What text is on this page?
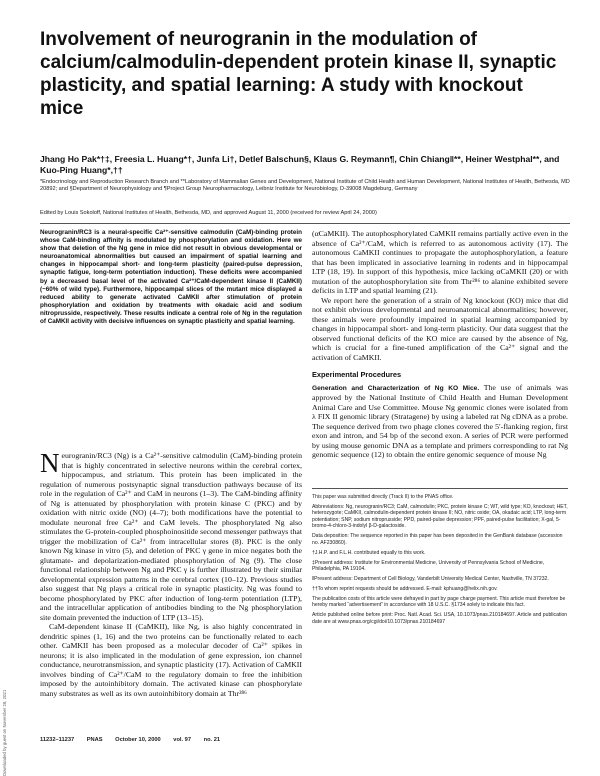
Involvement of neurogranin in the modulation of calcium/calmodulin-dependent protein kinase II, synaptic plasticity, and spatial learning: A study with knockout mice
Jhang Ho Pak*†‡, Freesia L. Huang*†, Junfa Li†, Detlef Balschun§, Klaus G. Reymann¶, Chin Chiang‖**, Heiner Westphal**, and Kuo-Ping Huang*,††
*Endocrinology and Reproduction Research Branch and **Laboratory of Mammalian Genes and Development, National Institute of Child Health and Human Development, National Institutes of Health, Bethesda, MD 20892; and §Department of Neurophysiology and ¶Project Group Neuropharmacology, Leibniz Institute for Neurobiology, D-39008 Magdeburg, Germany
Edited by Louis Sokoloff, National Institutes of Health, Bethesda, MD, and approved August 11, 2000 (received for review April 24, 2000)
Neurogranin/RC3 is a neural-specific Ca²⁺-sensitive calmodulin (CaM)-binding protein whose CaM-binding affinity is modulated by phosphorylation and oxidation. Here we show that deletion of the Ng gene in mice did not result in obvious developmental or neuroanatomical abnormalities but caused an impairment of spatial learning and changes in hippocampal short- and long-term plasticity (paired-pulse depression, synaptic fatigue, long-term potentiation induction). These deficits were accompanied by a decreased basal level of the activated Ca²⁺/CaM-dependent kinase II (CaMKII) (~60% of wild type). Furthermore, hippocampal slices of the mutant mice displayed a reduced ability to generate activated CaMKII after stimulation of protein phosphorylation and oxidation by treatments with okadaic acid and sodium nitroprusside, respectively. These results indicate a central role of Ng in the regulation of CaMKII activity with decisive influences on synaptic plasticity and spatial learning.

Neurogranin/RC3 (Ng) is a Ca²⁺-sensitive calmodulin (CaM)-binding protein that is highly concentrated in selective neurons within the cerebral cortex, hippocampus, and striatum. This protein has been implicated in the regulation of numerous postsynaptic signal transduction pathways because of its role in the regulation of Ca²⁺ and CaM in neurons (1–3). The CaM-binding affinity of Ng is attenuated by phosphorylation with protein kinase C (PKC) and by oxidation with nitric oxide (NO) (4–7); both modifications have the potential to modulate neuronal free Ca²⁺ and CaM levels. The phosphorylated Ng also stimulates the G-protein-coupled phosphoinositide second messenger pathways that trigger the mobilization of Ca²⁺ from intracellular stores (8). PKC is the only known Ng kinase in vitro (5), and deletion of PKC γ gene in mice negates both the glutamate- and depolarization-mediated phosphorylation of Ng (9). The close functional relationship between Ng and PKC γ is further illustrated by their similar developmental expression patterns in the cerebral cortex (10–12). Previous studies also suggest that Ng plays a critical role in synaptic plasticity. Ng was found to become phosphorylated by PKC after induction of long-term potentiation (LTP), and the intracellular application of antibodies binding to the Ng phosphorylation site domain prevented the induction of LTP (13–15).

CaM-dependent kinase II (CaMKII), like Ng, is also highly concentrated in dendritic spines (1, 16) and the two proteins can be functionally related to each other. CaMKII has been proposed as a molecular decoder of Ca²⁺ spikes in neurons; it is also implicated in the modulation of gene expression, ion channel conductance, neurotransmission, and synaptic plasticity (17). Activation of CaMKII involves binding of Ca²⁺/CaM to the regulatory domain to free the inhibition imposed by the autoinhibitory domain. The activated kinase can phosphorylate many substrates as well as its own autoinhibitory domain at Thr²⁸⁶

(αCaMKII). The autophosphorylated CaMKII remains partially active even in the absence of Ca²⁺/CaM, which is referred to as autonomous activity (17). The autonomous CaMKII continues to propagate the autophosphorylation, a feature that has been implicated in associative learning in rodents and in hippocampal LTP (18, 19). In support of this hypothesis, mice lacking αCaMKII (20) or with mutation of the autophosphorylation site from Thr²⁸⁶ to alanine exhibited severe deficits in LTP and spatial learning (21).

We report here the generation of a strain of Ng knockout (KO) mice that did not exhibit obvious developmental and neuroanatomical abnormalities; however, these animals were profoundly impaired in spatial learning accompanied by changes in hippocampal short- and long-term plasticity. Our data suggest that the observed functional deficits of the KO mice are caused by the absence of Ng, which is crucial for a fine-tuned amplification of the Ca²⁺ signal and the activation of CaMKII.

Experimental Procedures

Generation and Characterization of Ng KO Mice. The use of animals was approved by the National Institute of Child Health and Human Development Animal Care and Use Committee. Mouse Ng genomic clones were isolated from λ FIX II genomic library (Stratagene) by using a labeled rat Ng cDNA as a probe. The sequence derived from two phage clones covered the 5′-flanking region, first exon and intron, and 54 bp of the second exon. A series of PCR were performed by using mouse genomic DNA as a template and primers corresponding to rat Ng genomic sequence (12) to obtain the entire genomic sequence of mouse Ng

This paper was submitted directly (Track II) to the PNAS office.

Abbreviations: Ng, neurogranin/RC3; CaM, calmodulin; PKC, protein kinase C; WT, wild type; KO, knockout; HET, heterozygote; CaMKII, calmodulin-dependent protein kinase II; NO, nitric oxide; OA, okadaic acid; LTP, long-term potentiation; SNP, sodium nitroprusside; PPD, paired-pulse depression; PPF, paired-pulse facilitation; X-gal, 5-bromo-4-chloro-3-indolyl β-D-galactoside.

Data deposition: The sequence reported in this paper has been deposited in the GenBank database (accession no. AF230860).

†J.H.P. and F.L.H. contributed equally to this work.

‡Present address: Institute for Environmental Medicine, University of Pennsylvania School of Medicine, Philadelphia, PA 19104.

‖Present address: Department of Cell Biology, Vanderbilt University Medical Center, Nashville, TN 37232.

††To whom reprint requests should be addressed. E-mail: kphuang@helix.nih.gov.

The publication costs of this article were defrayed in part by page charge payment. This article must therefore be hereby marked “advertisement” in accordance with 18 U.S.C. §1734 solely to indicate this fact.

Article published online before print: Proc. Natl. Acad. Sci. USA, 10.1073/pnas.210184697. Article and publication date are at www.pnas.org/cgi/doi/10.1073/pnas.210184697

11232–11237 PNAS October 10, 2000 vol. 97 no. 21
Downloaded by guest on November 28, 2021
